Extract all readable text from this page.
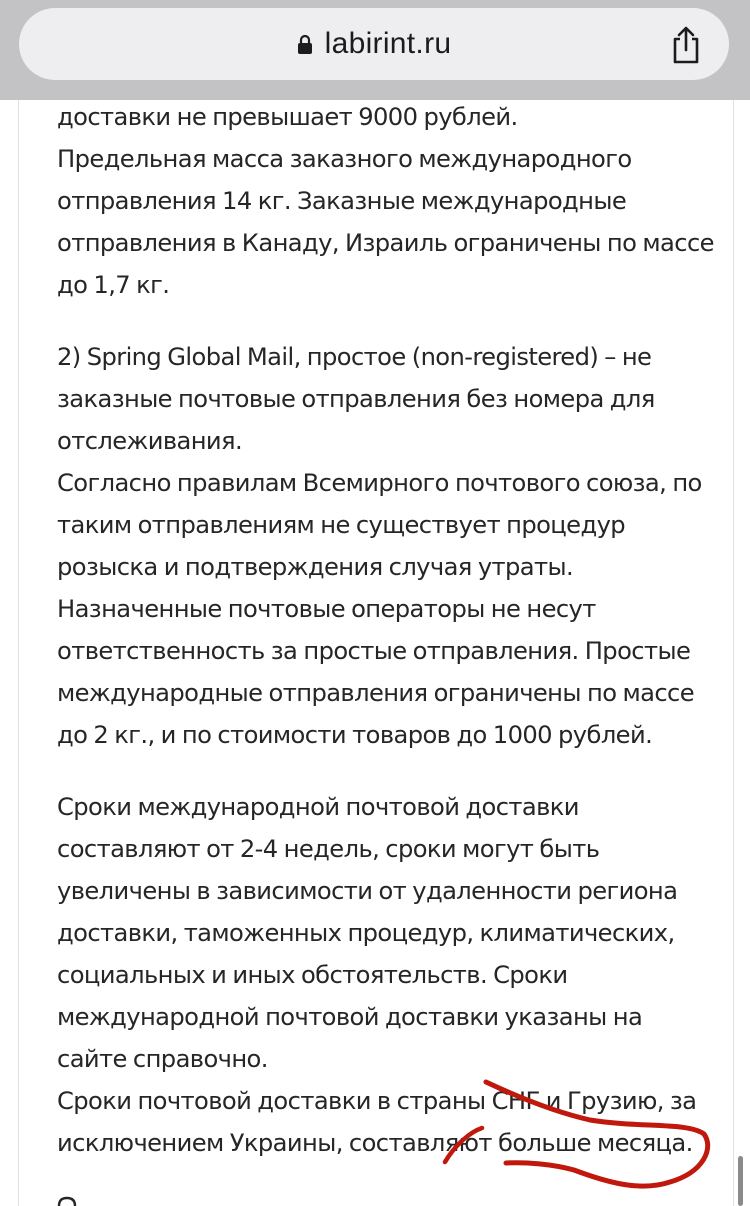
labirint.ru
доставки не превышает 9000 рублей.
Предельная масса заказного международного
отправления 14 кг. Заказные международные
отправления в Канаду, Израиль ограничены по массе
до 1,7 кг.
2) Spring Global Mail, простое (non-registered) – не
заказные почтовые отправления без номера для
отслеживания.
Согласно правилам Всемирного почтового союза, по
таким отправлениям не существует процедур
розыска и подтверждения случая утраты.
Назначенные почтовые операторы не несут
ответственность за простые отправления. Простые
международные отправления ограничены по массе
до 2 кг., и по стоимости товаров до 1000 рублей.
Сроки международной почтовой доставки
составляют от 2-4 недель, сроки могут быть
увеличены в зависимости от удаленности региона
доставки, таможенных процедур, климатических,
социальных и иных обстоятельств. Сроки
международной почтовой доставки указаны на
сайте справочно.
Сроки почтовой доставки в страны СНГ и Грузию, за
исключением Украины, составляют больше месяца.
